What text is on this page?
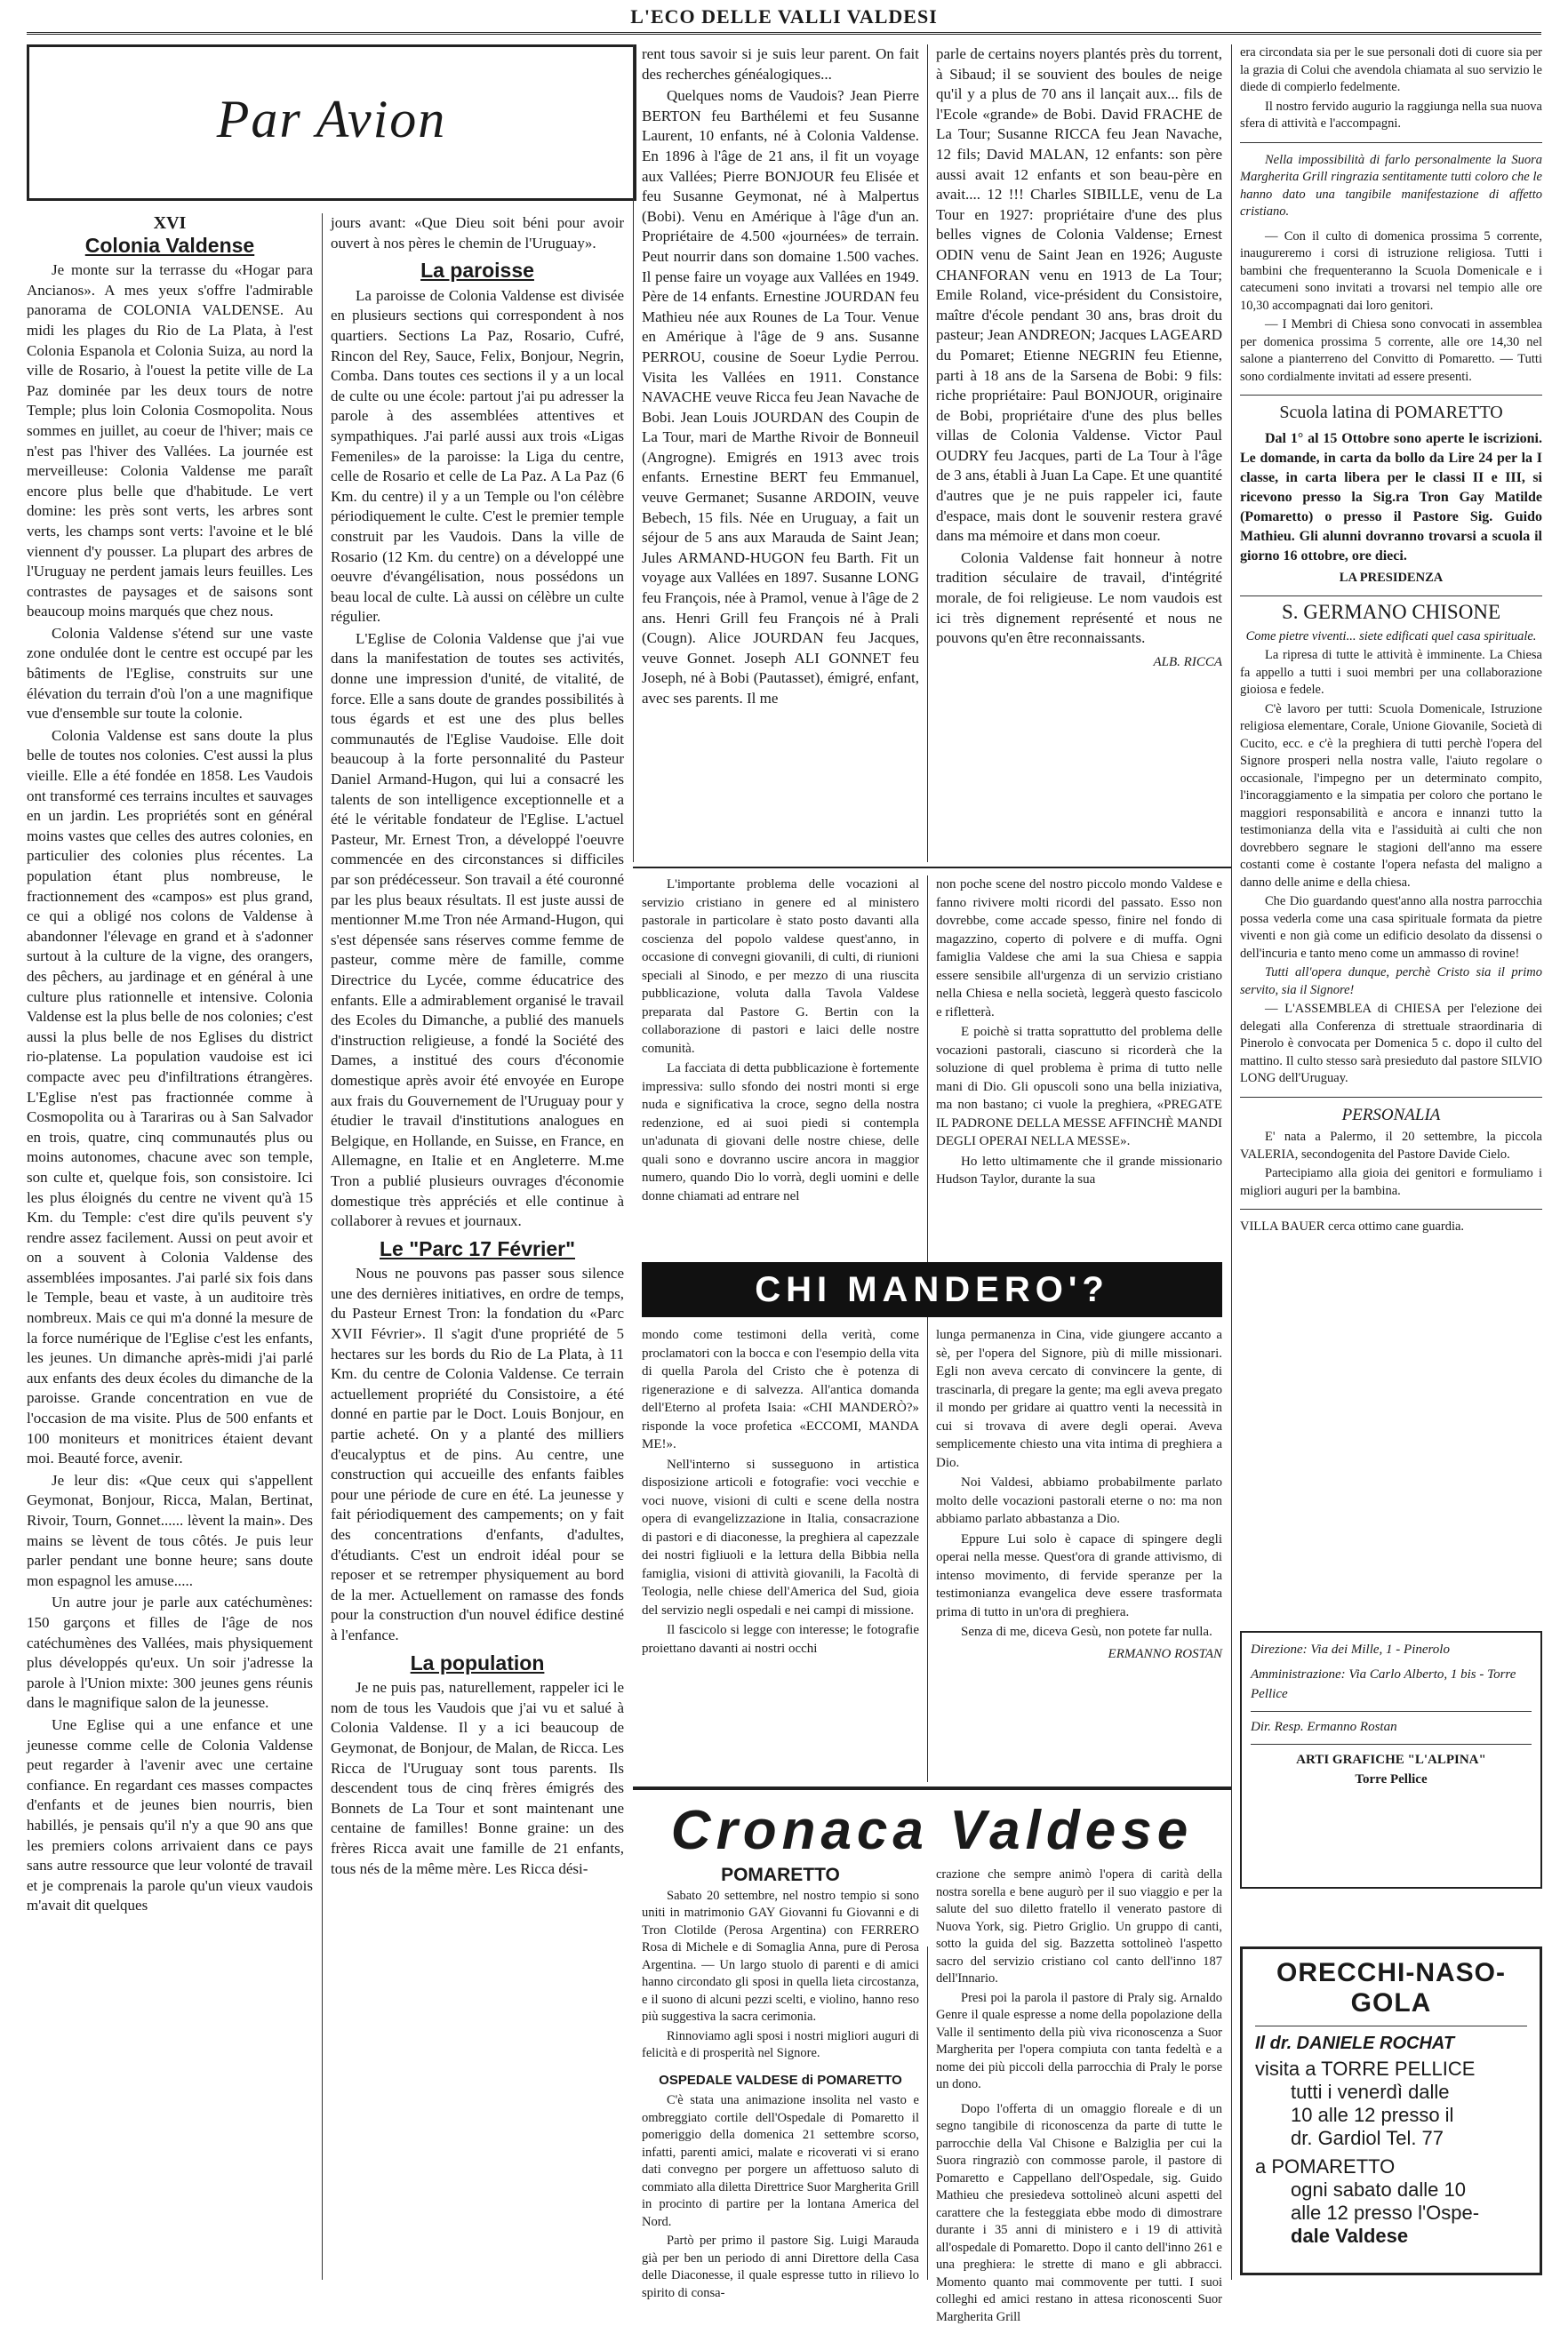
L'ECO DELLE VALLI VALDESI
Par Avion
XVI
Colonia Valdense

Je monte sur la terrasse du «Hogar para Ancianos». A mes yeux s'offre l'admirable panorama de COLONIA VALDENSE. Au midi les plages du Rio de La Plata, à l'est Colonia Espanola et Colonia Suiza, au nord la ville de Rosario, à l'ouest la petite ville de La Paz dominée par les deux tours de notre Temple; plus loin Colonia Cosmopolita. Nous sommes en juillet, au coeur de l'hiver; mais ce n'est pas l'hiver des Vallées. La journée est merveilleuse: Colonia Valdense me paraît encore plus belle que d'habitude. Le vert domine: les près sont verts, les arbres sont verts, les champs sont verts: l'avoine et le blé viennent d'y pousser. La plupart des arbres de l'Uruguay ne perdent jamais leurs feuilles. Les contrastes de paysages et de saisons sont beaucoup moins marqués que chez nous.

Colonia Valdense s'étend sur une vaste zone ondulée dont le centre est occupé par les bâtiments de l'Eglise, construits sur une élévation du terrain d'où l'on a une magnifique vue d'ensemble sur toute la colonie.

Colonia Valdense est sans doute la plus belle de toutes nos colonies. C'est aussi la plus vieille. Elle a été fondée en 1858. Les Vaudois ont transformé ces terrains incultes et sauvages en un jardin. Les propriétés sont en général moins vastes que celles des autres colonies, en particulier des colonies plus récentes. La population étant plus nombreuse, le fractionnement des «campos» est plus grand, ce qui a obligé nos colons de Valdense à abandonner l'élevage en grand et à s'adonner surtout à la culture de la vigne, des orangers, des pêchers, au jardinage et en général à une culture plus rationnelle et intensive. Colonia Valdense est la plus belle de nos colonies; c'est aussi la plus belle de nos Eglises du district rio-platense. La population vaudoise est ici compacte avec peu d'infiltrations étrangères. L'Eglise n'est pas fractionnée comme à Cosmopolita ou à Tarariras ou à San Salvador en trois, quatre, cinq communautés plus ou moins autonomes, chacune avec son temple, son culte et, quelque fois, son consistoire. Ici les plus éloignés du centre ne vivent qu'à 15 Km. du Temple: c'est dire qu'ils peuvent s'y rendre assez facilement. Aussi on peut avoir et on a souvent à Colonia Valdense des assemblées imposantes. J'ai parlé six fois dans le Temple, beau et vaste, à un auditoire très nombreux. Mais ce qui m'a donné la mesure de la force numérique de l'Eglise c'est les enfants, les jeunes. Un dimanche après-midi j'ai parlé aux enfants des deux écoles du dimanche de la paroisse. Grande concentration en vue de l'occasion de ma visite. Plus de 500 enfants et 100 moniteurs et monitrices étaient devant moi. Beauté force, avenir.

Je leur dis: «Que ceux qui s'appellent Geymonat, Bonjour, Ricca, Malan, Bertinat, Rivoir, Tourn, Gonnet...... lèvent la main». Des mains se lèvent de tous côtés. Je puis leur parler pendant une bonne heure; sans doute mon espagnol les amuse.....

Un autre jour je parle aux catéchumènes: 150 garçons et filles de l'âge de nos catéchumènes des Vallées, mais physiquement plus développés qu'eux. Un soir j'adresse la parole à l'Union mixte: 300 jeunes gens réunis dans le magnifique salon de la jeunesse.

Une Eglise qui a une enfance et une jeunesse comme celle de Colonia Valdense peut regarder à l'avenir avec une certaine confiance. En regardant ces masses compactes d'enfants et de jeunes bien nourris, bien habillés, je pensais qu'il n'y a que 90 ans que les premiers colons arrivaient dans ce pays sans autre ressource que leur volonté de travail et je comprenais la parole qu'un vieux vaudois m'avait dit quelques

jours avant: «Que Dieu soit béni pour avoir ouvert à nos pères le chemin de l'Uruguay».

La paroisse

La paroisse de Colonia Valdense est divisée en plusieurs sections qui correspondent à nos quartiers. Sections La Paz, Rosario, Cufré, Rincon del Rey, Sauce, Felix, Bonjour, Negrin, Comba. Dans toutes ces sections il y a un local de culte ou une école: partout j'ai pu adresser la parole à des assemblées attentives et sympathiques. J'ai parlé aussi aux trois «Ligas Femeniles» de la paroisse: la Liga du centre, celle de Rosario et celle de La Paz. A La Paz (6 Km. du centre) il y a un Temple ou l'on célèbre périodiquement le culte. C'est le premier temple construit par les Vaudois. Dans la ville de Rosario (12 Km. du centre) on a développé une oeuvre d'évangélisation, nous possédons un beau local de culte. Là aussi on célèbre un culte régulier.

L'Eglise de Colonia Valdense que j'ai vue dans la manifestation de toutes ses activités, donne une impression d'unité, de vitalité, de force. Elle a sans doute de grandes possibilités à tous égards et est une des plus belles communautés de l'Eglise Vaudoise. Elle doit beaucoup à la forte personnalité du Pasteur Daniel Armand-Hugon, qui lui a consacré les talents de son intelligence exceptionnelle et a été le véritable fondateur de l'Eglise. L'actuel Pasteur, Mr. Ernest Tron, a développé l'oeuvre commencée en des circonstances si difficiles par son prédécesseur. Son travail a été couronné par les plus beaux résultats. Il est juste aussi de mentionner M.me Tron née Armand-Hugon, qui s'est dépensée sans réserves comme femme de pasteur, comme mère de famille, comme Directrice du Lycée, comme éducatrice des enfants. Elle a admirablement organisé le travail des Ecoles du Dimanche, a publié des manuels d'instruction religieuse, a fondé la Société des Dames, a institué des cours d'économie domestique après avoir été envoyée en Europe aux frais du Gouvernement de l'Uruguay pour y étudier le travail d'institutions analogues en Belgique, en Hollande, en Suisse, en France, en Allemagne, en Italie et en Angleterre. M.me Tron a publié plusieurs ouvrages d'économie domestique très appréciés et elle continue à collaborer à revues et journaux.

Le "Parc 17 Février"

Nous ne pouvons pas passer sous silence une des dernières initiatives, en ordre de temps, du Pasteur Ernest Tron: la fondation du «Parc XVII Février». Il s'agit d'une propriété de 5 hectares sur les bords du Rio de La Plata, à 11 Km. du centre de Colonia Valdense. Ce terrain actuellement propriété du Consistoire, a été donné en partie par le Doct. Louis Bonjour, en partie acheté. On y a planté des milliers d'eucalyptus et de pins. Au centre, une construction qui accueille des enfants faibles pour une période de cure en été. La jeunesse y fait périodiquement des campements; on y fait des concentrations d'enfants, d'adultes, d'étudiants. C'est un endroit idéal pour se reposer et se retremper physiquement au bord de la mer. Actuellement on ramasse des fonds pour la construction d'un nouvel édifice destiné à l'enfance.

La population

Je ne puis pas, naturellement, rappeler ici le nom de tous les Vaudois que j'ai vu et salué à Colonia Valdense. Il y a ici beaucoup de Geymonat, de Bonjour, de Malan, de Ricca. Les Ricca de l'Uruguay sont tous parents. Ils descendent tous de cinq frères émigrés des Bonnets de La Tour et sont maintenant une centaine de familles! Bonne graine: un des frères Ricca avait une famille de 21 enfants, tous nés de la même mère. Les Ricca dési-

rent tous savoir si je suis leur parent. On fait des recherches généalogiques...

Quelques noms de Vaudois? Jean Pierre BERTON feu Barthélemi et feu Susanne Laurent, 10 enfants, né à Colonia Valdense. En 1896 à l'âge de 21 ans, il fit un voyage aux Vallées; Pierre BONJOUR feu Elisée et feu Susanne Geymonat, né à Malpertus (Bobi). Venu en Amérique à l'âge d'un an. Propriétaire de 4.500 «journées» de terrain. Peut nourrir dans son domaine 1.500 vaches. Il pense faire un voyage aux Vallées en 1949. Père de 14 enfants. Ernestine JOURDAN feu Mathieu née aux Rounes de La Tour. Venue en Amérique à l'âge de 9 ans. Susanne PERROU, cousine de Soeur Lydie Perrou. Visita les Vallées en 1911. Constance NAVACHE veuve Ricca feu Jean Navache de Bobi. Jean Louis JOURDAN des Coupin de La Tour, mari de Marthe Rivoir de Bonneuil (Angrogne). Emigrés en 1913 avec trois enfants. Ernestine BERT feu Emmanuel, veuve Germanet; Susanne ARDOIN, veuve Bebech, 15 fils. Née en Uruguay, a fait un séjour de 5 ans aux Marauda de Saint Jean; Jules ARMAND-HUGON feu Barth. Fit un voyage aux Vallées en 1897. Susanne LONG feu François, née à Pramol, venue à l'âge de 2 ans. Henri Grill feu François né à Prali (Cougn). Alice JOURDAN feu Jacques, veuve Gonnet. Joseph ALI GONNET feu Joseph, né à Bobi (Pautasset), émigré, enfant, avec ses parents. Il me

parle de certains noyers plantés près du torrent, à Sibaud; il se souvient des boules de neige qu'il y a plus de 70 ans il lançait aux... fils de l'Ecole «grande» de Bobi. David FRACHE de La Tour; Susanne RICCA feu Jean Navache, 12 fils; David MALAN, 12 enfants: son père aussi avait 12 enfants et son beau-père en avait.... 12 !!! Charles SIBILLE, venu de La Tour en 1927: propriétaire d'une des plus belles vignes de Colonia Valdense; Ernest ODIN venu de Saint Jean en 1926; Auguste CHANFORAN venu en 1913 de La Tour; Emile Roland, vice-président du Consistoire, maître d'école pendant 30 ans, bras droit du pasteur; Jean ANDREON; Jacques LAGEARD du Pomaret; Etienne NEGRIN feu Etienne, parti à 18 ans de la Sarsena de Bobi: 9 fils: riche propriétaire: Paul BONJOUR, originaire de Bobi, propriétaire d'une des plus belles villas de Colonia Valdense. Victor Paul OUDRY feu Jacques, parti de La Tour à l'âge de 3 ans, établi à Juan La Cape. Et une quantité d'autres que je ne puis rappeler ici, faute d'espace, mais dont le souvenir restera gravé dans ma mémoire et dans mon coeur.

Colonia Valdense fait honneur à notre tradition séculaire de travail, d'intégrité morale, de foi religieuse. Le nom vaudois est ici très dignement représenté et nous ne pouvons qu'en être reconnaissants.

ALB. RICCA

L'importante problema delle vocazioni al servizio cristiano in genere ed al ministero pastorale in particolare è stato posto davanti alla coscienza del popolo valdese quest'anno, in occasione di convegni giovanili, di culti, di riunioni speciali al Sinodo, e per mezzo di una riuscita pubblicazione, voluta dalla Tavola Valdese preparata dal Pastore G. Bertin con la collaborazione di pastori e laici delle nostre comunità.

La facciata di detta pubblicazione è fortemente impressiva: sullo sfondo dei nostri monti si erge nuda e significativa la croce, segno della nostra redenzione, ed ai suoi piedi si contempla un'adunata di giovani delle nostre chiese, delle quali sono e dovranno uscire ancora in maggior numero, quando Dio lo vorrà, degli uomini e delle donne chiamati ad entrare nel

non poche scene del nostro piccolo mondo Valdese e fanno rivivere molti ricordi del passato. Esso non dovrebbe, come accade spesso, finire nel fondo di magazzino, coperto di polvere e di muffa. Ogni famiglia Valdese che ami la sua Chiesa e sappia essere sensibile all'urgenza di un servizio cristiano nella Chiesa e nella società, leggerà questo fascicolo e rifletterà.

E poichè si tratta soprattutto del problema delle vocazioni pastorali, ciascuno si ricorderà che la soluzione di quel problema è prima di tutto nelle mani di Dio. Gli opuscoli sono una bella iniziativa, ma non bastano; ci vuole la preghiera, «PREGATE IL PADRONE DELLA MESSE AFFINCHÈ MANDI DEGLI OPERAI NELLA MESSE».

Ho letto ultimamente che il grande missionario Hudson Taylor, durante la sua

CHI MANDERO'?

mondo come testimoni della verità, come proclamatori con la bocca e con l'esempio della vita di quella Parola del Cristo che è potenza di rigenerazione e di salvezza. All'antica domanda dell'Eterno al profeta Isaia: «CHI MANDERÒ?» risponde la voce profetica «ECCOMI, MANDA ME!».

Nell'interno si susseguono in artistica disposizione articoli e fotografie: voci vecchie e voci nuove, visioni di culti e scene della nostra opera di evangelizzazione in Italia, consacrazione di pastori e di diaconesse, la preghiera al capezzale dei nostri figliuoli e la lettura della Bibbia nella famiglia, visioni di attività giovanili, la Facoltà di Teologia, nelle chiese dell'America del Sud, gioia del servizio negli ospedali e nei campi di missione.

Il fascicolo si legge con interesse; le fotografie proiettano davanti ai nostri occhi

lunga permanenza in Cina, vide giungere accanto a sè, per l'opera del Signore, più di mille missionari. Egli non aveva cercato di convincere la gente, di trascinarla, di pregare la gente; ma egli aveva pregato il mondo per gridare ai quattro venti la necessità in cui si trovava di avere degli operai. Aveva semplicemente chiesto una vita intima di preghiera a Dio.

Noi Valdesi, abbiamo probabilmente parlato molto delle vocazioni pastorali eterne o no: ma non abbiamo parlato abbastanza a Dio.

Eppure Lui solo è capace di spingere degli operai nella messe. Quest'ora di grande attivismo, di intenso movimento, di fervide speranze per la testimonianza evangelica deve essere trasformata prima di tutto in un'ora di preghiera.

Senza di me, diceva Gesù, non potete far nulla.

ERMANNO ROSTAN
Cronaca Valdese
POMARETTO

Sabato 20 settembre, nel nostro tempio si sono uniti in matrimonio GAY Giovanni fu Giovanni e di Tron Clotilde (Perosa Argentina) con FERRERO Rosa di Michele e di Somaglia Anna, pure di Perosa Argentina. — Un largo stuolo di parenti e di amici hanno circondato gli sposi in quella lieta circostanza, e il suono di alcuni pezzi scelti, e violino, hanno reso più suggestiva la sacra cerimonia.

Rinnoviamo agli sposi i nostri migliori auguri di felicità e di prosperità nel Signore.

OSPEDALE VALDESE di POMARETTO

C'è stata una animazione insolita nel vasto e ombreggiato cortile dell'Ospedale di Pomaretto il pomeriggio della domenica 21 settembre scorso, infatti, parenti amici, malate e ricoverati vi si erano dati convegno per porgere un affettuoso saluto di commiato alla diletta Direttrice Suor Margherita Grill in procinto di partire per la lontana America del Nord.

Partò per primo il pastore Sig. Luigi Marauda già per ben un periodo di anni Direttore della Casa delle Diaconesse, il quale espresse tutto in rilievo lo spirito di consa-

crazione che sempre animò l'opera di carità della nostra sorella e bene augurò per il suo viaggio e per la salute del suo diletto fratello il venerato pastore di Nuova York, sig. Pietro Griglio. Un gruppo di canti, sotto la guida del sig. Bazzetta sottolineò l'aspetto sacro del servizio cristiano col canto dell'inno 187 dell'Innario.

Presi poi la parola il pastore di Praly sig. Arnaldo Genre il quale espresse a nome della popolazione della Valle il sentimento della più viva riconoscenza a Suor Margherita per l'opera compiuta con tanta fedeltà e a nome dei più piccoli della parrocchia di Praly le porse un dono.

Dopo l'offerta di un omaggio floreale e di un segno tangibile di riconoscenza da parte di tutte le parrocchie della Val Chisone e Balziglia per cui la Suora ringraziò con commosse parole, il pastore di Pomaretto e Cappellano dell'Ospedale, sig. Guido Mathieu che presiedeva sottolineò alcuni aspetti del carattere che la festeggiata ebbe modo di dimostrare durante i 35 anni di ministero e i 19 di attività all'ospedale di Pomaretto. Dopo il canto dell'inno 261 e una preghiera: le strette di mano e gli abbracci. Momento quanto mai commovente per tutti. I suoi colleghi ed amici restano in attesa riconoscenti Suor Margherita Grill

era circondata sia per le sue personali doti di cuore sia per la grazia di Colui che avendola chiamata al suo servizio le diede di compierlo fedelmente.

Il nostro fervido augurio la raggiunga nella sua nuova sfera di attività e l'accompagni.

Nella impossibilità di farlo personalmente la Suora Margherita Grill ringrazia sentitamente tutti coloro che le hanno dato una tangibile manifestazione di affetto cristiano.

— Con il culto di domenica prossima 5 corrente, inaugureremo i corsi di istruzione religiosa. Tutti i bambini che frequenteranno la Scuola Domenicale e i catecumeni sono invitati a trovarsi nel tempio alle ore 10,30 accompagnati dai loro genitori.

— I Membri di Chiesa sono convocati in assemblea per domenica prossima 5 corrente, alle ore 14,30 nel salone a pianterreno del Convitto di Pomaretto. — Tutti sono cordialmente invitati ad essere presenti.

Scuola latina di POMARETTO

Dal 1° al 15 Ottobre sono aperte le iscrizioni. Le domande, in carta da bollo da Lire 24 per la I classe, in carta libera per le classi II e III, si ricevono presso la Sig.ra Tron Gay Matilde (Pomaretto) o presso il Pastore Sig. Guido Mathieu. Gli alunni dovranno trovarsi a scuola il giorno 16 ottobre, ore dieci.

LA PRESIDENZA
S. GERMANO CHISONE

Come pietre viventi... siete edificati quel casa spirituale.

La ripresa di tutte le attività è imminente. La Chiesa fa appello a tutti i suoi membri per una collaborazione gioiosa e fedele.

C'è lavoro per tutti: Scuola Domenicale, Istruzione religiosa elementare, Corale, Unione Giovanile, Società di Cucito, ecc. e c'è la preghiera di tutti perchè l'opera del Signore prosperi nella nostra valle, l'aiuto regolare o occasionale, l'impegno per un determinato compito, l'incoraggiamento e la simpatia per coloro che portano le maggiori responsabilità e ancora e innanzi tutto la testimonianza della vita e l'assiduità ai culti che non dovrebbero segnare le stagioni dell'anno ma essere costanti come è costante l'opera nefasta del maligno a danno delle anime e della chiesa.

Che Dio guardando quest'anno alla nostra parrocchia possa vederla come una casa spirituale formata da pietre viventi e non già come un edificio desolato da dissensi o dell'incuria e tanto meno come un ammasso di rovine!

Tutti all'opera dunque, perchè Cristo sia il primo servito, sia il Signore!

— L'ASSEMBLEA di CHIESA per l'elezione dei delegati alla Conferenza di strettuale straordinaria di Pinerolo è convocata per Domenica 5 c. dopo il culto del mattino. Il culto stesso sarà presieduto dal pastore SILVIO LONG dell'Uruguay.

PERSONALIA

E' nata a Palermo, il 20 settembre, la piccola VALERIA, secondogenita del Pastore Davide Cielo.

Partecipiamo alla gioia dei genitori e formuliamo i migliori auguri per la bambina.

VILLA BAUER cerca ottimo cane guardia.

Direzione: Via dei Mille, 1 - Pinerolo
Amministrazione: Via Carlo Alberto, 1 bis - Torre Pellice
Dir. Resp. Ermanno Rostan
ARTI GRAFICHE "L'ALPINA"
Torre Pellice
ORECCHI-NASO-GOLA
Il dr. DANIELE ROCHAT
visita a TORRE PELLICE
tutti i venerdì dalle
10 alle 12 presso il
dr. Gardiol Tel. 77
a POMARETTO
ogni sabato dalle 10
alle 12 presso l'Ospe-
dale Valdese
